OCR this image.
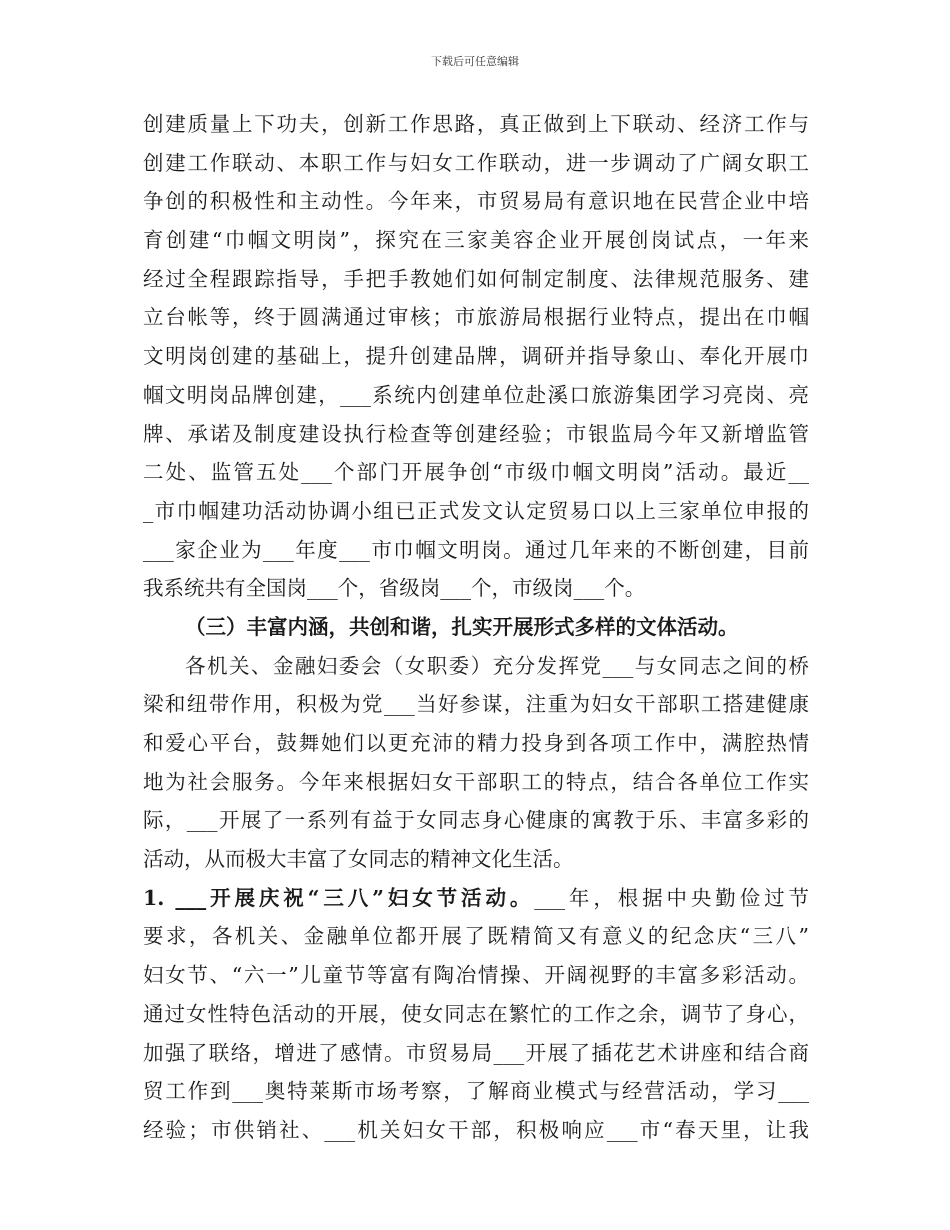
下载后可任意编辑
创建质量上下功夫，创新工作思路，真正做到上下联动、经济工作与
创建工作联动、本职工作与妇女工作联动，进一步调动了广阔女职工
争创的积极性和主动性。今年来，市贸易局有意识地在民营企业中培
育创建“巾帼文明岗”，探究在三家美容企业开展创岗试点，一年来
经过全程跟踪指导，手把手教她们如何制定制度、法律规范服务、建
立台帐等，终于圆满通过审核；市旅游局根据行业特点，提出在巾帼
文明岗创建的基础上，提升创建品牌，调研并指导象山、奉化开展巾
帼文明岗品牌创建，___系统内创建单位赴溪口旅游集团学习亮岗、亮
牌、承诺及制度建设执行检查等创建经验；市银监局今年又新增监管
二处、监管五处___个部门开展争创“市级巾帼文明岗”活动。最近__
_市巾帼建功活动协调小组已正式发文认定贸易口以上三家单位申报的
___家企业为___年度___市巾帼文明岗。通过几年来的不断创建，目前
我系统共有全国岗___个，省级岗___个，市级岗___个。
（三）丰富内涵，共创和谐，扎实开展形式多样的文体活动。
各机关、金融妇委会（女职委）充分发挥党___与女同志之间的桥
梁和纽带作用，积极为党___当好参谋，注重为妇女干部职工搭建健康
和爱心平台，鼓舞她们以更充沛的精力投身到各项工作中，满腔热情
地为社会服务。今年来根据妇女干部职工的特点，结合各单位工作实
际，___开展了一系列有益于女同志身心健康的寓教于乐、丰富多彩的
活动，从而极大丰富了女同志的精神文化生活。
1. ___开展庆祝“三八”妇女节活动。___年，根据中央勤俭过节
要求，各机关、金融单位都开展了既精简又有意义的纪念庆“三八”
妇女节、“六一”儿童节等富有陶冶情操、开阔视野的丰富多彩活动。
通过女性特色活动的开展，使女同志在繁忙的工作之余，调节了身心，
加强了联络，增进了感情。市贸易局___开展了插花艺术讲座和结合商
贸工作到___奥特莱斯市场考察，了解商业模式与经营活动，学习___
经验；市供销社、___机关妇女干部，积极响应___市“春天里，让我
